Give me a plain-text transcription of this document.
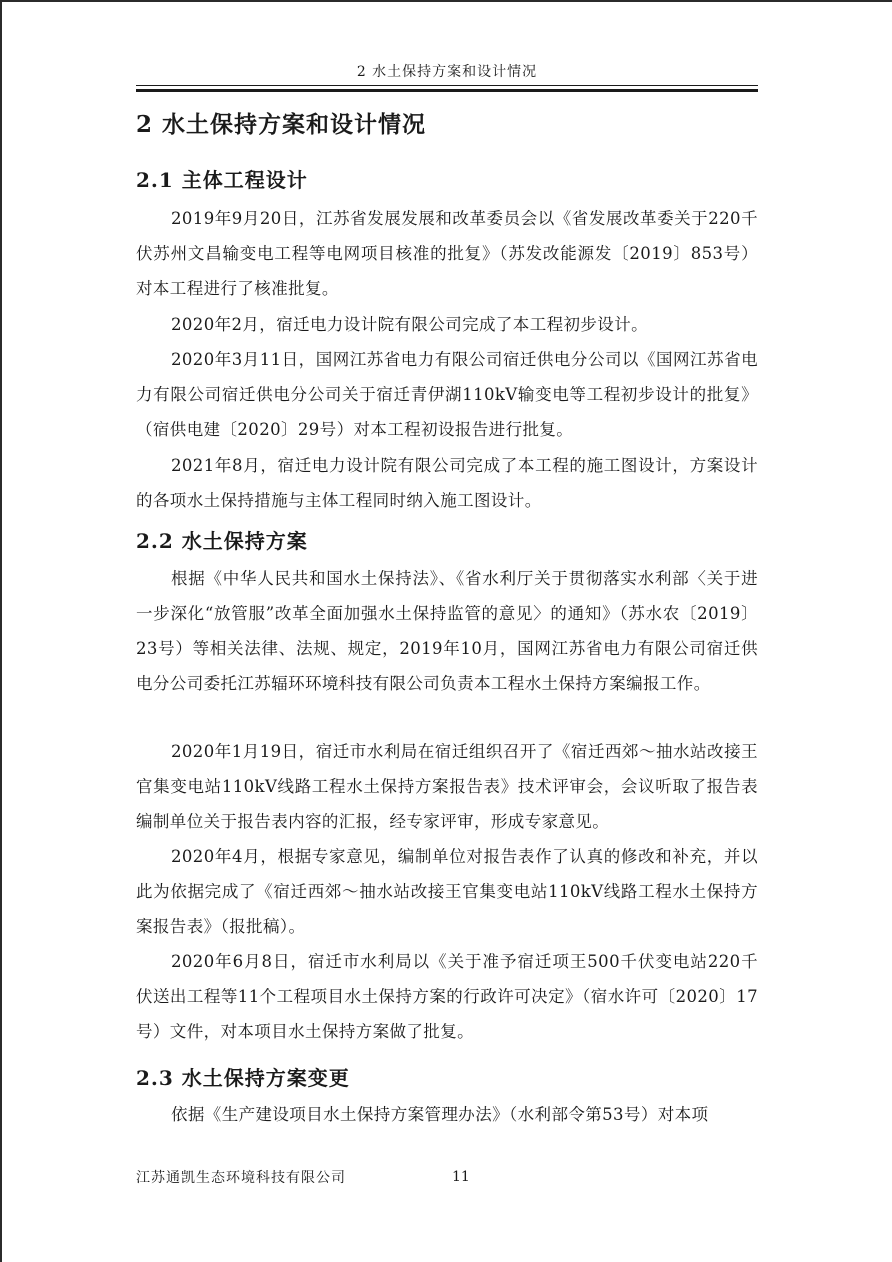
2 水土保持方案和设计情况
2 水土保持方案和设计情况
2.1 主体工程设计
2019年9月20日，江苏省发展发展和改革委员会以《省发展改革委关于220千伏苏州文昌输变电工程等电网项目核准的批复》（苏发改能源发〔2019〕853号）对本工程进行了核准批复。
2020年2月，宿迁电力设计院有限公司完成了本工程初步设计。
2020年3月11日，国网江苏省电力有限公司宿迁供电分公司以《国网江苏省电力有限公司宿迁供电分公司关于宿迁青伊湖110kV输变电等工程初步设计的批复》（宿供电建〔2020〕29号）对本工程初设报告进行批复。
2021年8月，宿迁电力设计院有限公司完成了本工程的施工图设计，方案设计的各项水土保持措施与主体工程同时纳入施工图设计。
2.2 水土保持方案
根据《中华人民共和国水土保持法》、《省水利厅关于贯彻落实水利部〈关于进一步深化“放管服”改革全面加强水土保持监管的意见〉的通知》（苏水农〔2019〕23号）等相关法律、法规、规定，2019年10月，国网江苏省电力有限公司宿迁供电分公司委托江苏辐环环境科技有限公司负责本工程水土保持方案编报工作。
2020年1月19日，宿迁市水利局在宿迁组织召开了《宿迁西郊～抽水站改接王官集变电站110kV线路工程水土保持方案报告表》技术评审会，会议听取了报告表编制单位关于报告表内容的汇报，经专家评审，形成专家意见。
2020年4月，根据专家意见，编制单位对报告表作了认真的修改和补充，并以此为依据完成了《宿迁西郊～抽水站改接王官集变电站110kV线路工程水土保持方案报告表》（报批稿）。
2020年6月8日，宿迁市水利局以《关于准予宿迁项王500千伏变电站220千伏送出工程等11个工程项目水土保持方案的行政许可决定》（宿水许可〔2020〕17号）文件，对本项目水土保持方案做了批复。
2.3 水土保持方案变更
依据《生产建设项目水土保持方案管理办法》（水利部令第53号）对本项
江苏通凯生态环境科技有限公司	11
